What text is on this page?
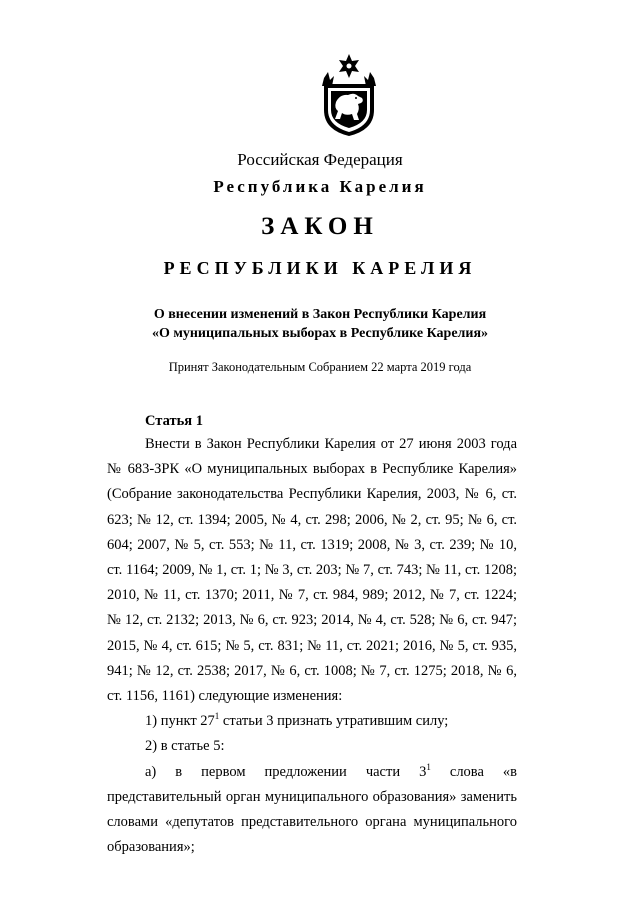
Российская Федерация
Республика Карелия
ЗАКОН
РЕСПУБЛИКИ КАРЕЛИЯ
О внесении изменений в Закон Республики Карелия
«О муниципальных выборах в Республике Карелия»
Принят Законодательным Собранием 22 марта 2019 года
Статья 1

Внести в Закон Республики Карелия от 27 июня 2003 года № 683-ЗРК «О муниципальных выборах в Республике Карелия» (Собрание законодательства Республики Карелия, 2003, № 6, ст. 623; № 12, ст. 1394; 2005, № 4, ст. 298; 2006, № 2, ст. 95; № 6, ст. 604; 2007, № 5, ст. 553; № 11, ст. 1319; 2008, № 3, ст. 239; № 10, ст. 1164; 2009, № 1, ст. 1; № 3, ст. 203; № 7, ст. 743; № 11, ст. 1208; 2010, № 11, ст. 1370; 2011, № 7, ст. 984, 989; 2012, № 7, ст. 1224; № 12, ст. 2132; 2013, № 6, ст. 923; 2014, № 4, ст. 528; № 6, ст. 947; 2015, № 4, ст. 615; № 5, ст. 831; № 11, ст. 2021; 2016, № 5, ст. 935, 941; № 12, ст. 2538; 2017, № 6, ст. 1008; № 7, ст. 1275; 2018, № 6, ст. 1156, 1161) следующие изменения:

1) пункт $27^1$ статьи 3 признать утратившим силу;

2) в статье 5:

а) в первом предложении части $3^1$ слова «в представительный орган муниципального образования» заменить словами «депутатов представительного органа муниципального образования»;
